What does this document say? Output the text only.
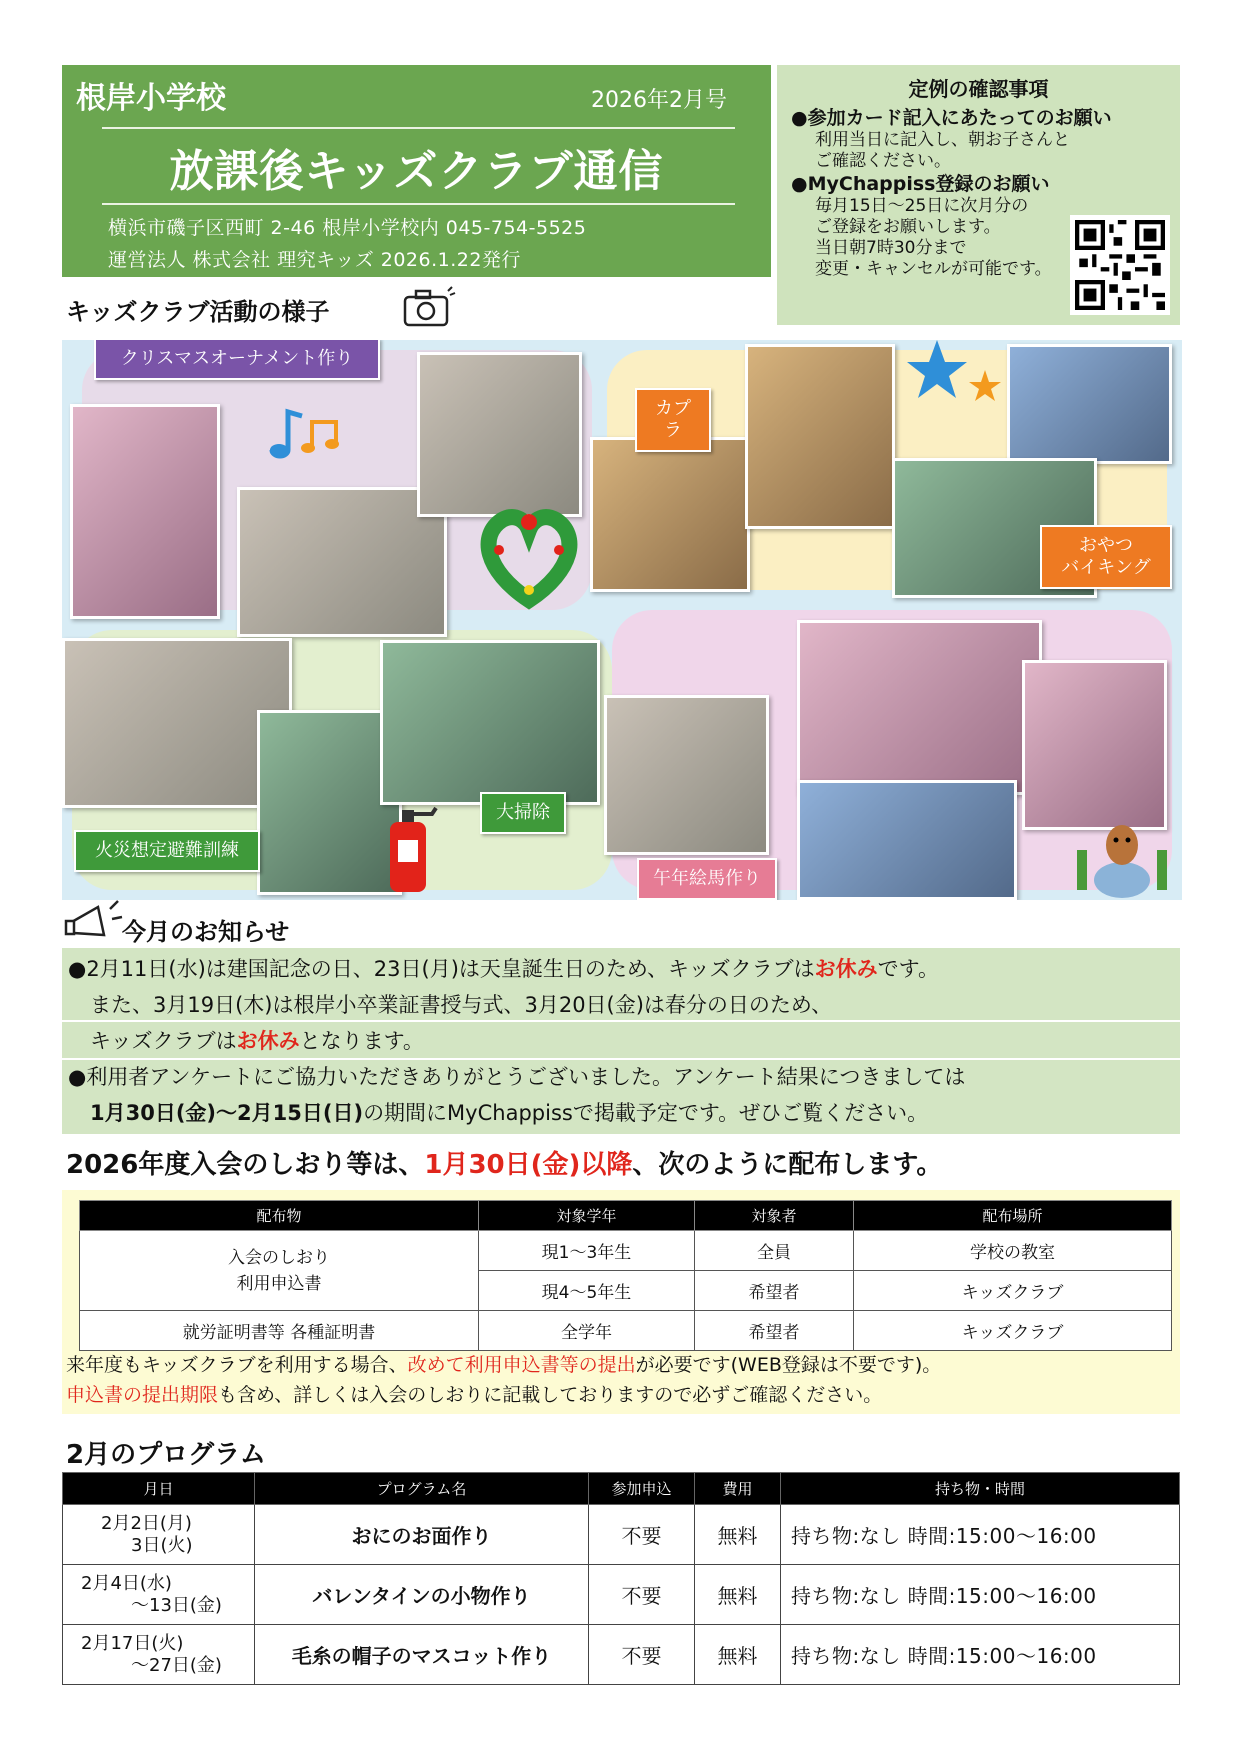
根岸小学校	2026年2月号
放課後キッズクラブ通信
横浜市磯子区西町 2-46 根岸小学校内 045-754-5525
運営法人 株式会社 理究キッズ 2026.1.22発行
定例の確認事項
●参加カード記入にあたってのお願い
利用当日に記入し、朝お子さんと
ご確認ください。
●MyChappiss登録のお願い
毎月15日～25日に次月分の
ご登録をお願いします。
当日朝7時30分まで
変更・キャンセルが可能です。
キッズクラブ活動の様子
クリスマスオーナメント作り
カプラ
おやつ
バイキング
火災想定避難訓練
大掃除
午年絵馬作り
今月のお知らせ
●2月11日(水)は建国記念の日、23日(月)は天皇誕生日のため、キッズクラブはお休みです。
また、3月19日(木)は根岸小卒業証書授与式、3月20日(金)は春分の日のため、
キッズクラブはお休みとなります。
●利用者アンケートにご協力いただきありがとうございました。アンケート結果につきましては
1月30日(金)～2月15日(日)の期間にMyChappissで掲載予定です。ぜひご覧ください。
2026年度入会のしおり等は、1月30日(金)以降、次のように配布します。
配布物	対象学年	対象者	配布場所

入会のしおり
利用申込書	現1～3年生	全員	学校の教室
	現4～5年生	希望者	キッズクラブ
就労証明書等 各種証明書	全学年	希望者	キッズクラブ
来年度もキッズクラブを利用する場合、改めて利用申込書等の提出が必要です(WEB登録は不要です)。
申込書の提出期限も含め、詳しくは入会のしおりに記載しておりますので必ずご確認ください。
2月のプログラム
月日	プログラム名	参加申込	費用	持ち物・時間

2月2日(月)
3日(火)	おにのお面作り	不要	無料	持ち物:なし 時間:15:00～16:00

2月4日(水)
～13日(金)	バレンタインの小物作り	不要	無料	持ち物:なし 時間:15:00～16:00

2月17日(火)
～27日(金)	毛糸の帽子のマスコット作り	不要	無料	持ち物:なし 時間:15:00～16:00
